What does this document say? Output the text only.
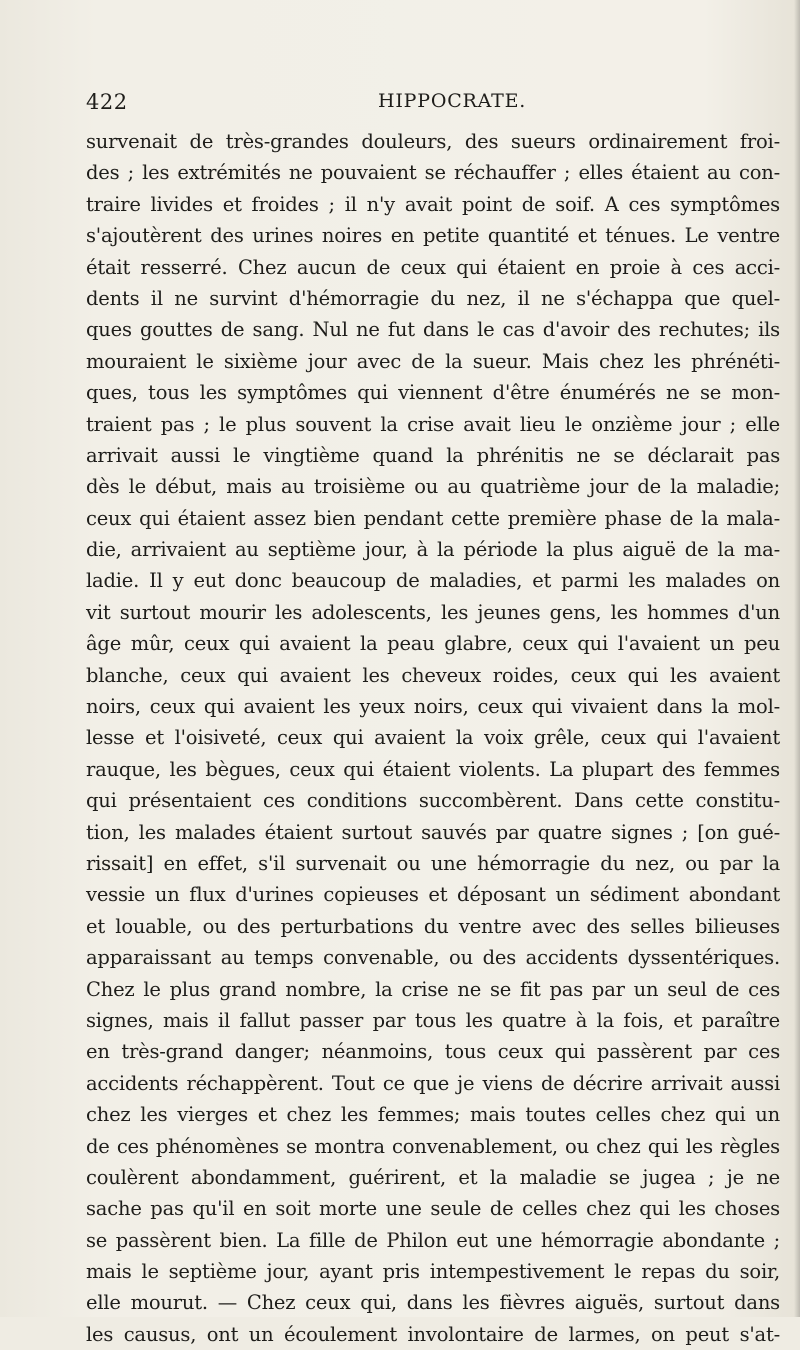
422	HIPPOCRATE.
survenait de très-grandes douleurs, des sueurs ordinairement froi-
des ; les extrémités ne pouvaient se réchauffer ; elles étaient au con-
traire livides et froides ; il n'y avait point de soif. A ces symptômes
s'ajoutèrent des urines noires en petite quantité et ténues. Le ventre
était resserré. Chez aucun de ceux qui étaient en proie à ces acci-
dents il ne survint d'hémorragie du nez, il ne s'échappa que quel-
ques gouttes de sang. Nul ne fut dans le cas d'avoir des rechutes; ils
mouraient le sixième jour avec de la sueur. Mais chez les phrénéti-
ques, tous les symptômes qui viennent d'être énumérés ne se mon-
traient pas ; le plus souvent la crise avait lieu le onzième jour ; elle
arrivait aussi le vingtième quand la phrénitis ne se déclarait pas
dès le début, mais au troisième ou au quatrième jour de la maladie;
ceux qui étaient assez bien pendant cette première phase de la mala-
die, arrivaient au septième jour, à la période la plus aiguë de la ma-
ladie. Il y eut donc beaucoup de maladies, et parmi les malades on
vit surtout mourir les adolescents, les jeunes gens, les hommes d'un
âge mûr, ceux qui avaient la peau glabre, ceux qui l'avaient un peu
blanche, ceux qui avaient les cheveux roides, ceux qui les avaient
noirs, ceux qui avaient les yeux noirs, ceux qui vivaient dans la mol-
lesse et l'oisiveté, ceux qui avaient la voix grêle, ceux qui l'avaient
rauque, les bègues, ceux qui étaient violents. La plupart des femmes
qui présentaient ces conditions succombèrent. Dans cette constitu-
tion, les malades étaient surtout sauvés par quatre signes ; [on gué-
rissait] en effet, s'il survenait ou une hémorragie du nez, ou par la
vessie un flux d'urines copieuses et déposant un sédiment abondant
et louable, ou des perturbations du ventre avec des selles bilieuses
apparaissant au temps convenable, ou des accidents dyssentériques.
Chez le plus grand nombre, la crise ne se fit pas par un seul de ces
signes, mais il fallut passer par tous les quatre à la fois, et paraître
en très-grand danger; néanmoins, tous ceux qui passèrent par ces
accidents réchappèrent. Tout ce que je viens de décrire arrivait aussi
chez les vierges et chez les femmes; mais toutes celles chez qui un
de ces phénomènes se montra convenablement, ou chez qui les règles
coulèrent abondamment, guérirent, et la maladie se jugea ; je ne
sache pas qu'il en soit morte une seule de celles chez qui les choses
se passèrent bien. La fille de Philon eut une hémorragie abondante ;
mais le septième jour, ayant pris intempestivement le repas du soir,
elle mourut. — Chez ceux qui, dans les fièvres aiguës, surtout dans
les causus, ont un écoulement involontaire de larmes, on peut s'at-
